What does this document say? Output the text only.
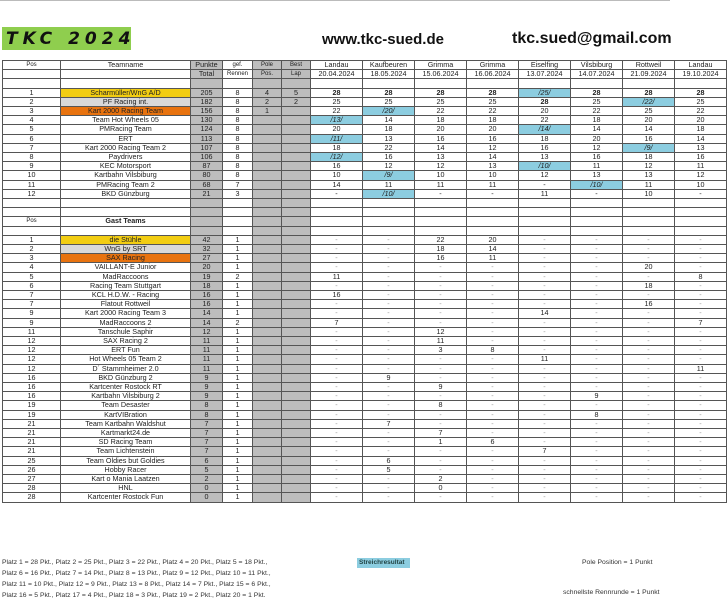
TKC 2024	www.tkc-sued.de	tkc.sued@gmail.com
Pos	Teamname	Punkte	gef.	Pole	Best	Landau	Kaufbeuren	Grimma	Grimma	Eiselfing	Vilsbiburg	Rottweil	Landau
		Total	Rennen	Pos.	Lap	20.04.2024	18.05.2024	15.06.2024	16.06.2024	13.07.2024	14.07.2024	21.09.2024	19.10.2024

1	Scharmüller/WnG A/D	205	8	4	5	28	28	28	28	/25/	28	28	28
2	PF Racing int.	182	8	2	2	25	25	25	25	28	25	/22/	25
3	Kart 2000 Racing Team	156	8	1		22	/20/	22	22	20	22	25	22
4	Team Hot Wheels 05	130	8			/13/	14	18	18	22	18	20	20
5	PMRacing Team	124	8			20	18	20	20	/14/	14	14	18
6	ERT	113	8			/11/	13	16	16	18	20	16	14
7	Kart 2000 Racing Team 2	107	8			18	22	14	12	16	12	/9/	13
8	Paydrivers	106	8			/12/	16	13	14	13	16	18	16
9	KEC Motorsport	87	8			16	12	12	13	/10/	11	12	11
10	Kartbahn Vilsbiburg	80	8			10	/9/	10	10	12	13	13	12
11	PMRacing Team 2	68	7			14	11	11	11	-	/10/	11	10
12	BKD Günzburg	21	3			-	/10/	-	-	11	-	10	-

Pos	Gast Teams												

1	die Stühle	42	1			-	-	22	20	-	-	-	-
2	WnG by SRT	32	1			-	-	18	14	-	-	-	-
3	SAX Racing	27	1			-	-	16	11	-	-	-	-
4	VAILLANT-E Junior	20	1			-	-	-	-	-	-	20	-
5	MadRaccoons	19	2			11	-	-	-	-	-	-	8
6	Racing Team Stuttgart	18	1			-	-	-	-	-	-	18	-
7	KCL H.D.W. - Racing	16	1			16	-	-	-	-	-	-	-
7	Flatout Rottweil	16	1			-	-	-	-	-	-	16	-
9	Kart 2000 Racing Team 3	14	1			-	-	-	-	14	-	-	-
9	MadRaccoons 2	14	2			7	-	-	-	-	-	-	7
11	Tanschule Saphir	12	1			-	-	12	-	-	-	-	-
12	SAX Racing 2	11	1			-	-	11	-	-	-	-	-
12	ERT Fun	11	1			-	-	3	8	-	-	-	-
12	Hot Wheels 05 Team 2	11	1			-	-	-	-	11	-	-	-
12	D´ Stammheimer 2.0	11	1			-	-	-	-	-	-	-	11
16	BKD Günzburg 2	9	1			-	9	-	-	-	-	-	-
16	Kartcenter Rostock RT	9	1			-	-	9	-	-	-	-	-
16	Kartbahn Vilsbiburg 2	9	1			-	-	-	-	-	9	-	-
19	Team Desaster	8	1			-	-	8	-	-	-	-	-
19	KartVIBration	8	1			-	-	-	-	-	8	-	-
21	Team Kartbahn Waldshut	7	1			-	7	-	-	-	-	-	-
21	Kartmarkt24.de	7	1			-	-	7	-	-	-	-	-
21	SD Racing Team	7	1			-	-	1	6	-	-	-	-
21	Team Lichtenstein	7	1			-	-	-	-	7	-	-	-
25	Team Oldies but Goldies	6	1			-	6	-	-	-	-	-	-
26	Hobby Racer	5	1			-	5	-	-	-	-	-	-
27	Kart o Mania Laatzen	2	1			-	-	2	-	-	-	-	-
28	HNL	0	1			-	-	0	-	-	-	-	-
28	Kartcenter Rostock Fun	0	1			-	-	-	-	-	-	-	-
Platz 1 = 28 Pkt., Platz 2 = 25 Pkt., Platz 3 = 22 Pkt., Platz 4 = 20 Pkt., Platz 5 = 18 Pkt.,
Platz 6 = 16 Pkt., Platz 7 = 14 Pkt., Platz 8 = 13 Pkt., Platz 9 = 12 Pkt., Platz 10 = 11 Pkt.,
Platz 11 = 10 Pkt., Platz 12 = 9 Pkt., Platz 13 = 8 Pkt., Platz 14 = 7 Pkt., Platz 15 = 6 Pkt.,
Platz 16 = 5 Pkt., Platz 17 = 4 Pkt., Platz 18 = 3 Pkt., Platz 19 = 2 Pkt., Platz 20 = 1 Pkt.
Streichresultat	Pole Position = 1 Punkt
schnellste Rennrunde = 1 Punkt
